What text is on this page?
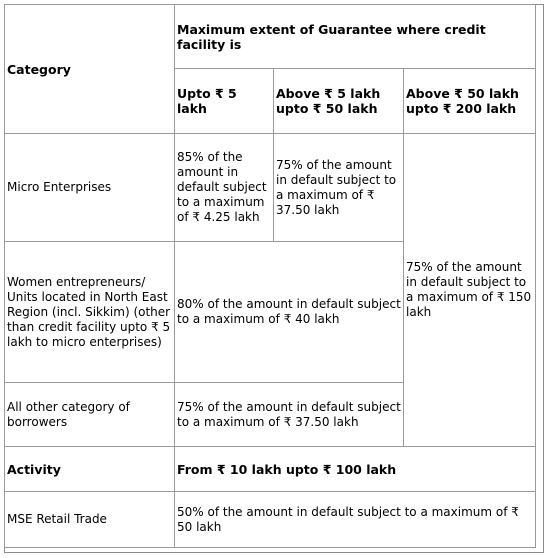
Category	Maximum extent of Guarantee where credit facility is		
	Upto ₹ 5 lakh	Above ₹ 5 lakh upto ₹ 50 lakh	Above ₹ 50 lakh upto ₹ 200 lakh
Micro Enterprises	85% of the amount in default subject to a maximum of ₹ 4.25 lakh	75% of the amount in default subject to a maximum of ₹ 37.50 lakh	75% of the amount in default subject to a maximum of ₹ 150 lakh
Women entrepreneurs/ Units located in North East Region (incl. Sikkim) (other than credit facility upto ₹ 5 lakh to micro enterprises)	80% of the amount in default subject to a maximum of ₹ 40 lakh		
All other category of borrowers	75% of the amount in default subject to a maximum of ₹ 37.50 lakh		
Activity	From ₹ 10 lakh upto ₹ 100 lakh		
MSE Retail Trade	50% of the amount in default subject to a maximum of ₹ 50 lakh		
